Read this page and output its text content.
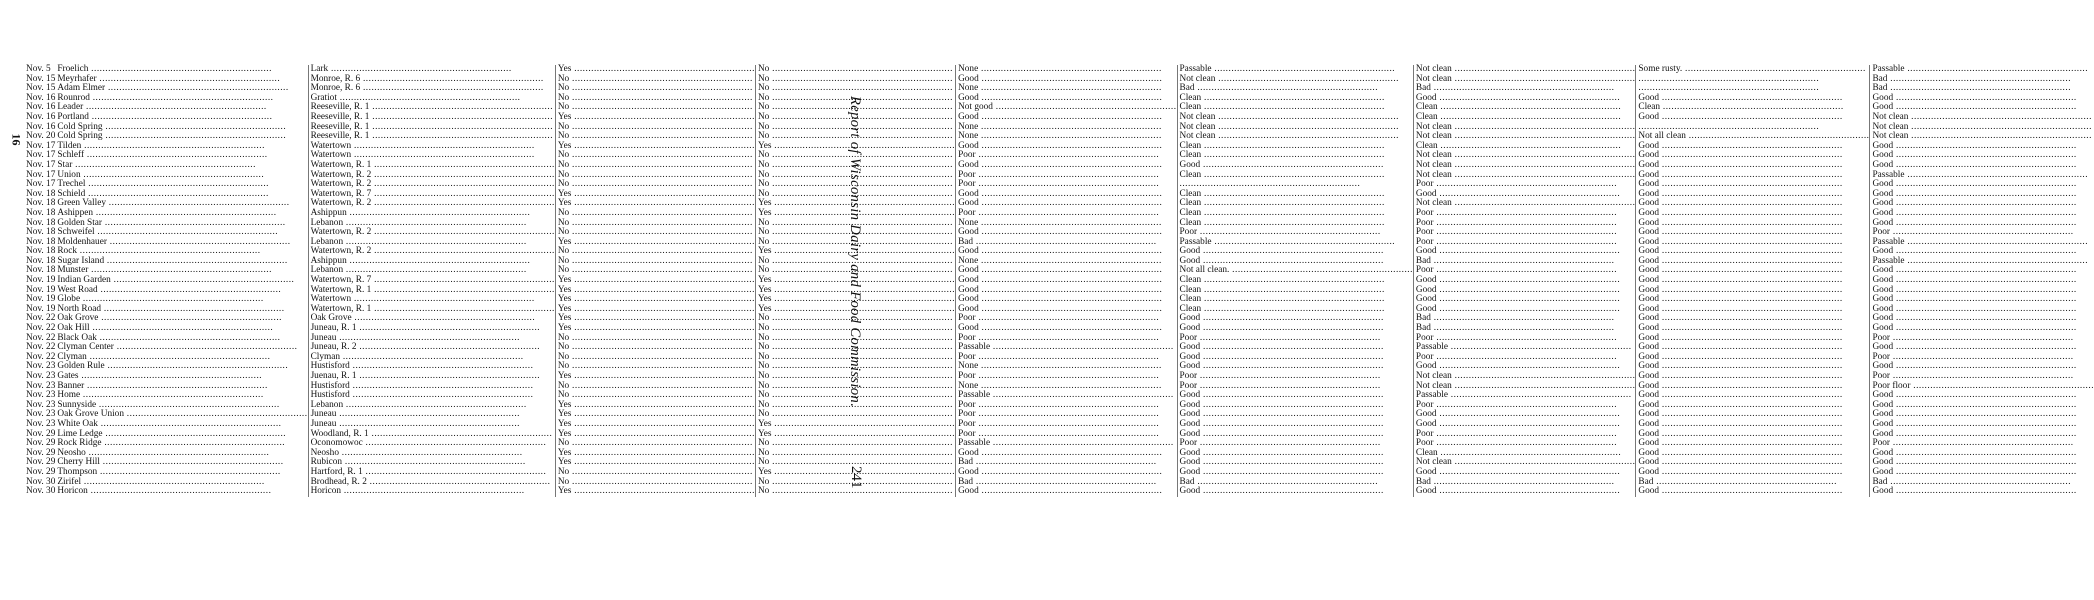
16
Nov. 5	Froelich .....	Lark .....	Yes .....	No .....	None .....	Passable .....	Not clean .....	Some rusty. .....	Passable .....
Nov. 15	Meyrhafer .....	Monroe, R. 6 .....	No .....	No .....	Good .....	Not clean .....	Not clean .....	.....	Bad .....
Nov. 15	Adam Elmer .....	Monroe, R. 6 .....	No .....	No .....	None .....	Bad .....	Bad .....	.....	Bad .....
Nov. 16	Rounrod .....	Gratiot .....	No .....	No .....	Good .....	Clean .....	Good .....	Good .....	Good .....
Nov. 16	Leader .....	Reeseville, R. 1 .....	No .....	No .....	Not good .....	Clean .....	Clean .....	Clean .....	Good .....
Nov. 16	Portland .....	Reeseville, R. 1 .....	Yes .....	No .....	Good .....	Not clean .....	Clean .....	Good .....	Not clean .....
Nov. 16	Cold Spring .....	Reeseville, R. 1 .....	No .....	No .....	None .....	Not clean .....	Not clean .....	.....	Not clean .....
Nov. 20	Cold Spring .....	Reeseville, R. 1 .....	No .....	No .....	None .....	Not clean .....	Not clean .....	Not all clean .....	Not clean .....
Nov. 17	Tilden .....	Watertown .....	Yes .....	Yes .....	Good .....	Clean .....	Clean .....	Good .....	Good .....
Nov. 17	Schleff .....	Watertown .....	No .....	No .....	Poor .....	Clean .....	Not clean .....	Good .....	Good .....
Nov. 17	Star .....	Watertown, R. 1 .....	No .....	No .....	Good .....	Good .....	Not clean .....	Good .....	Good .....
Nov. 17	Union .....	Watertown, R. 2 .....	No .....	No .....	Poor .....	Clean .....	Not clean .....	Good .....	Passable .....
Nov. 17	Trechel .....	Watertown, R. 2 .....	No .....	No .....	Poor .....	.....	Poor .....	Good .....	Good .....
Nov. 18	Schield .....	Watertown, R. 7 .....	Yes .....	No .....	Good .....	Clean .....	Good .....	Good .....	Good .....
Nov. 18	Green Valley .....	Watertown, R. 2 .....	Yes .....	Yes .....	Good .....	Clean .....	Not clean .....	Good .....	Good .....
Nov. 18	Ashippen .....	Ashippun .....	No .....	Yes .....	Poor .....	Clean .....	Poor .....	Good .....	Good .....
Nov. 18	Golden Star .....	Lebanon .....	No .....	No .....	None .....	Clean .....	Poor .....	Good .....	Good .....
Nov. 18	Schweifel .....	Watertown, R. 2 .....	No .....	No .....	Good .....	Poor .....	Poor .....	Good .....	Poor .....
Nov. 18	Moldenhauer .....	Lebanon .....	Yes .....	No .....	Bad .....	Passable .....	Poor .....	Good .....	Passable .....
Nov. 18	Rock .....	Watertown, R. 2 .....	No .....	Yes .....	Good .....	Good .....	Good .....	Good .....	Good .....
Nov. 18	Sugar Island .....	Ashippun .....	No .....	No .....	None .....	Good .....	Bad .....	Good .....	Passable .....
Nov. 18	Munster .....	Lebanon .....	No .....	No .....	Good .....	Not all clean. .....	Poor .....	Good .....	Good .....
Nov. 19	Indian Garden .....	Watertown, R. 7 .....	Yes .....	Yes .....	Good .....	Clean .....	Good .....	Good .....	Good .....
Nov. 19	West Road .....	Watertown, R. 1 .....	Yes .....	Yes .....	Good .....	Clean .....	Good .....	Good .....	Good .....
Nov. 19	Globe .....	Watertown .....	Yes .....	Yes .....	Good .....	Clean .....	Good .....	Good .....	Good .....
Nov. 19	North Road .....	Watertown, R. 1 .....	Yes .....	Yes .....	Good .....	Clean .....	Good .....	Good .....	Good .....
Nov. 22	Oak Grove .....	Oak Grove .....	Yes .....	No .....	Poor .....	Good .....	Bad .....	Good .....	Good .....
Nov. 22	Oak Hill .....	Juneau, R. 1 .....	Yes .....	No .....	Good .....	Good .....	Bad .....	Good .....	Good .....
Nov. 22	Black Oak .....	Juneau .....	No .....	No .....	Poor .....	Poor .....	Poor .....	Good .....	Poor .....
Nov. 22	Clyman Center .....	Juneau, R. 2 .....	No .....	No .....	Passable .....	Good .....	Passable .....	Good .....	Good .....
Nov. 22	Clyman .....	Clyman .....	No .....	No .....	Poor .....	Good .....	Poor .....	Good .....	Poor .....
Nov. 23	Golden Rule .....	Hustisford .....	No .....	No .....	None .....	Good .....	Good .....	Good .....	Good .....
Nov. 23	Gates .....	Juenau, R. 1 .....	Yes .....	No .....	Poor .....	Poor .....	Not clean .....	Good .....	Poor .....
Nov. 23	Banner .....	Hustisford .....	No .....	No .....	None .....	Poor .....	Not clean .....	Good .....	Poor floor .....
Nov. 23	Home .....	Hustisford .....	No .....	No .....	Passable .....	Good .....	Passable .....	Good .....	Good .....
Nov. 23	Sunnyside .....	Lebanon .....	Yes .....	No .....	Poor .....	Good .....	Poor .....	Good .....	Good .....
Nov. 23	Oak Grove Union .....	Juneau .....	Yes .....	No .....	Poor .....	Good .....	Good .....	Good .....	Good .....
Nov. 23	White Oak .....	Juneau .....	Yes .....	Yes .....	Poor .....	Good .....	Good .....	Good .....	Good .....
Nov. 29	Lime Ledge .....	Woodland, R. 1 .....	Yes .....	Yes .....	Poor .....	Good .....	Poor .....	Good .....	Good .....
Nov. 29	Rock Ridge .....	Oconomowoc .....	No .....	No .....	Passable .....	Poor .....	Poor .....	Good .....	Poor .....
Nov. 29	Neosho .....	Neosho .....	Yes .....	No .....	Good .....	Good .....	Clean .....	Good .....	Good .....
Nov. 29	Cherry Hill .....	Rubicon .....	Yes .....	No .....	Bad .....	Good .....	Not clean .....	Good .....	Good .....
Nov. 29	Thompson .....	Hartford, R. 1 .....	No .....	Yes .....	Good .....	Good .....	Good .....	Good .....	Good .....
Nov. 30	Zirifel .....	Brodhead, R. 2 .....	No .....	No .....	Bad .....	Bad .....	Bad .....	Bad .....	Bad .....
Nov. 30	Horicon .....	Horicon .....	Yes .....	No .....	Good .....	Good .....	Good .....	Good .....	Good .....
Report of Wisconsin Dairy and Food Commission.
241
